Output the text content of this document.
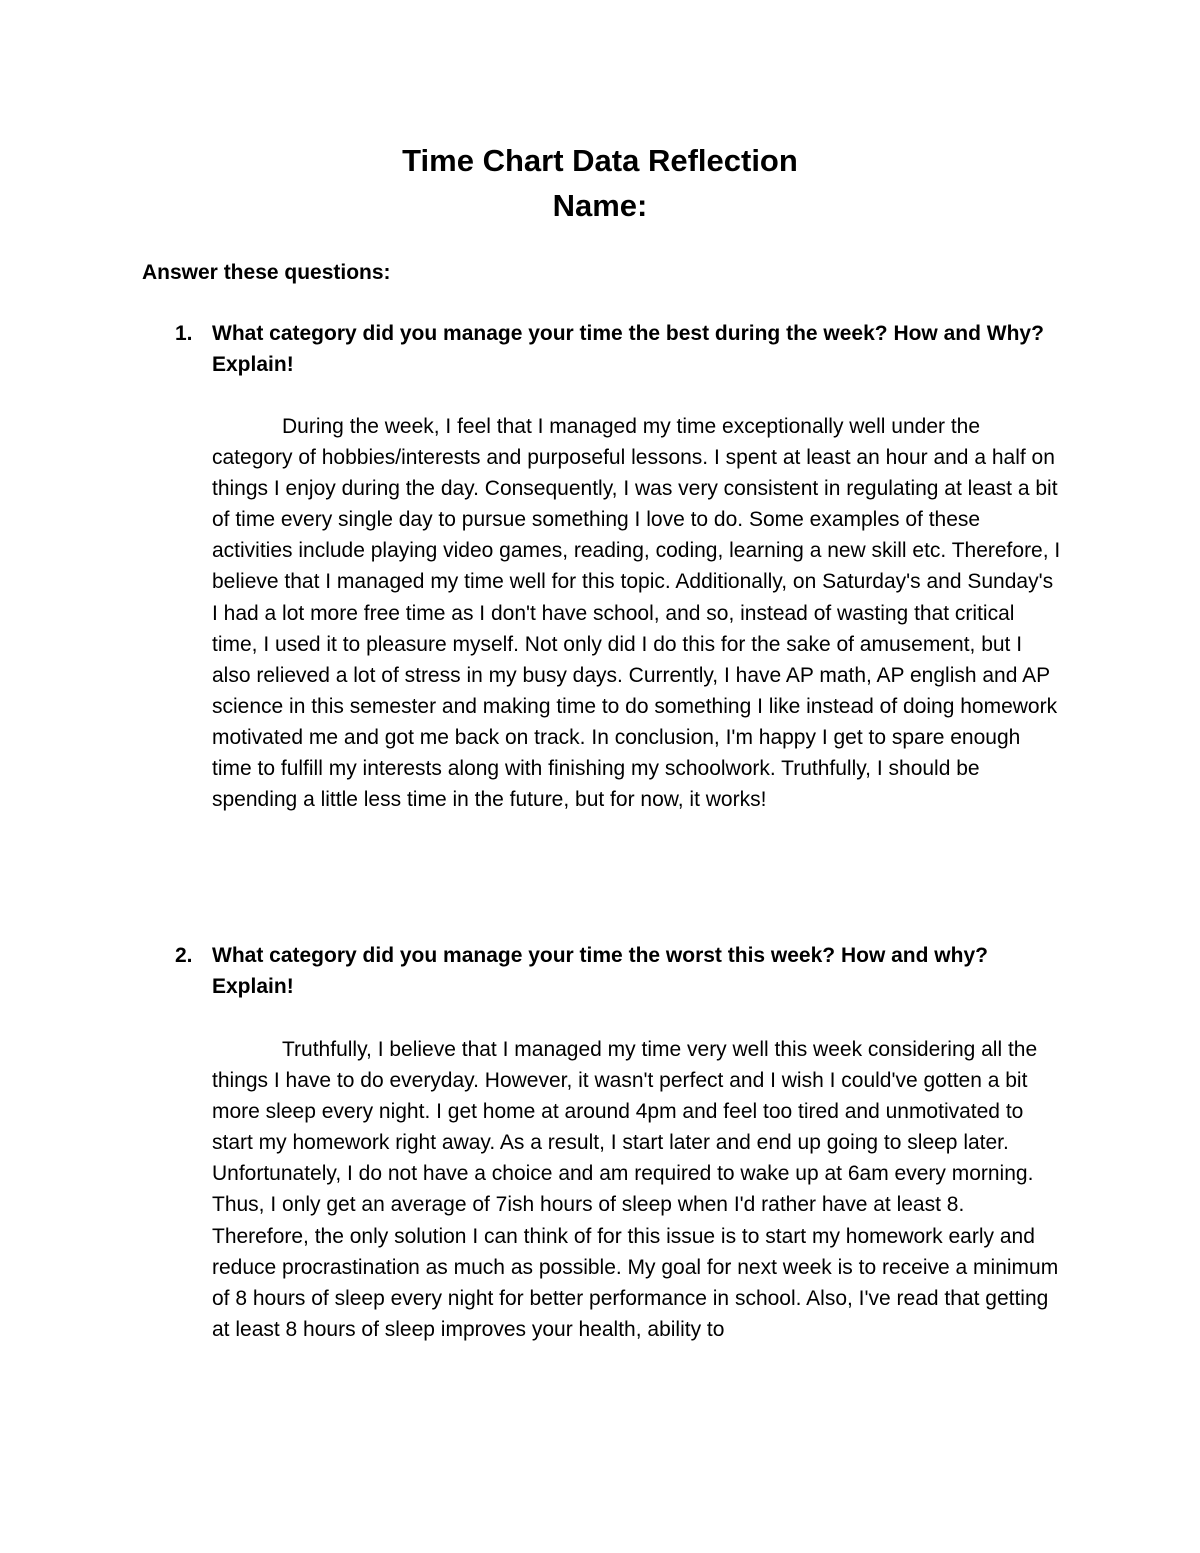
Time Chart Data Reflection
Name:

Answer these questions:

1. What category did you manage your time the best during the week? How and Why? Explain!

During the week, I feel that I managed my time exceptionally well under the category of hobbies/interests and purposeful lessons. I spent at least an hour and a half on things I enjoy during the day. Consequently, I was very consistent in regulating at least a bit of time every single day to pursue something I love to do. Some examples of these activities include playing video games, reading, coding, learning a new skill etc. Therefore, I believe that I managed my time well for this topic. Additionally, on Saturday's and Sunday's I had a lot more free time as I don't have school, and so, instead of wasting that critical time, I used it to pleasure myself. Not only did I do this for the sake of amusement, but I also relieved a lot of stress in my busy days. Currently, I have AP math, AP english and AP science in this semester and making time to do something I like instead of doing homework motivated me and got me back on track. In conclusion, I'm happy I get to spare enough time to fulfill my interests along with finishing my schoolwork. Truthfully, I should be spending a little less time in the future, but for now, it works!

2. What category did you manage your time the worst this week? How and why? Explain!

Truthfully, I believe that I managed my time very well this week considering all the things I have to do everyday. However, it wasn't perfect and I wish I could've gotten a bit more sleep every night. I get home at around 4pm and feel too tired and unmotivated to start my homework right away. As a result, I start later and end up going to sleep later. Unfortunately, I do not have a choice and am required to wake up at 6am every morning. Thus, I only get an average of 7ish hours of sleep when I'd rather have at least 8. Therefore, the only solution I can think of for this issue is to start my homework early and reduce procrastination as much as possible. My goal for next week is to receive a minimum of 8 hours of sleep every night for better performance in school. Also, I've read that getting at least 8 hours of sleep improves your health, ability to
